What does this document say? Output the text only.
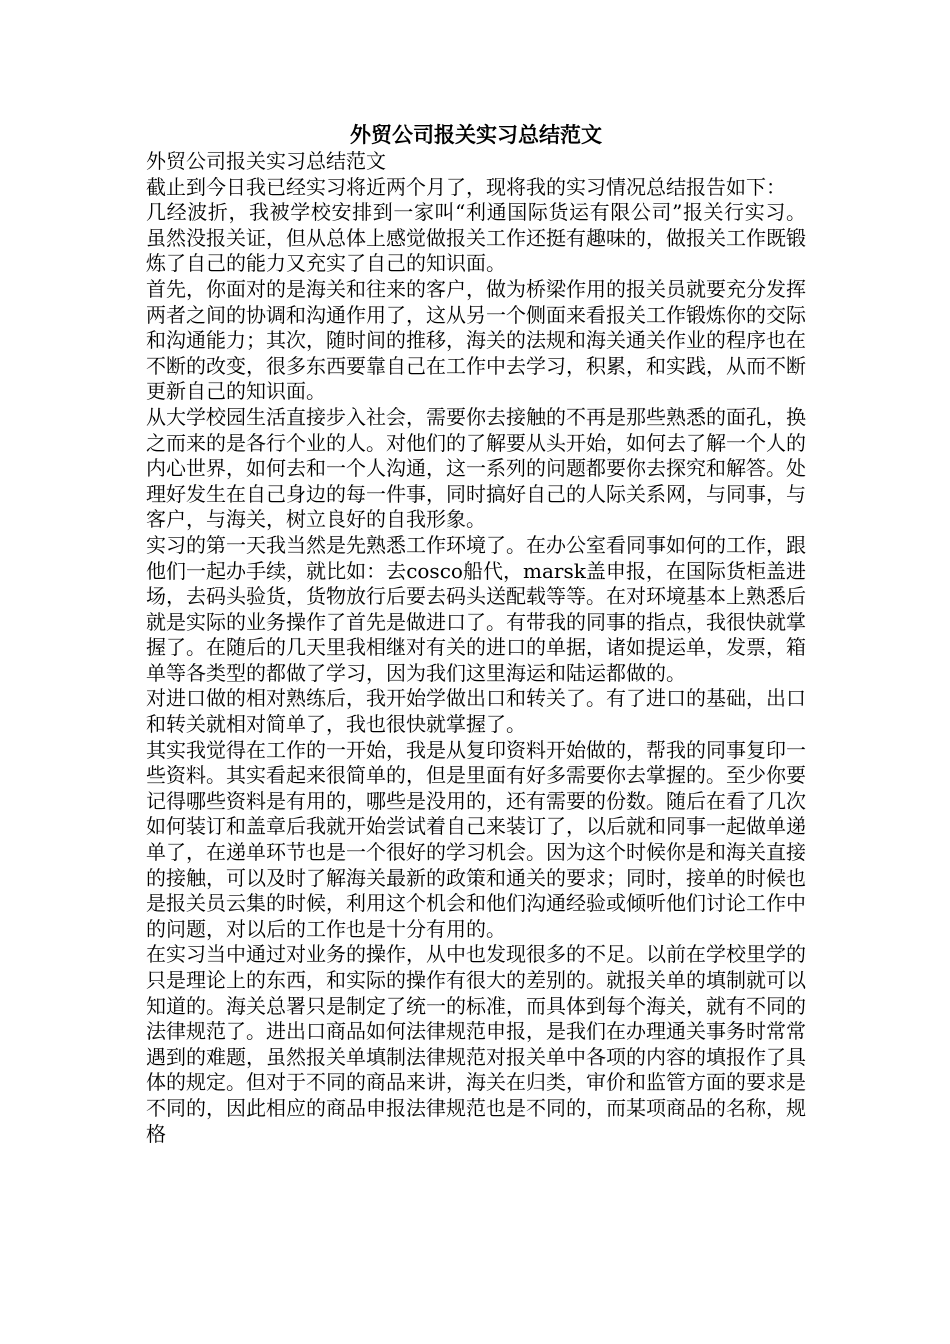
外贸公司报关实习总结范文

外贸公司报关实习总结范文

截止到今日我已经实习将近两个月了，现将我的实习情况总结报告如下：

几经波折，我被学校安排到一家叫“利通国际货运有限公司”报关行实习。虽然没报关证，但从总体上感觉做报关工作还挺有趣味的，做报关工作既锻炼了自己的能力又充实了自己的知识面。

首先，你面对的是海关和往来的客户，做为桥梁作用的报关员就要充分发挥两者之间的协调和沟通作用了，这从另一个侧面来看报关工作锻炼你的交际和沟通能力；其次，随时间的推移，海关的法规和海关通关作业的程序也在不断的改变，很多东西要靠自己在工作中去学习，积累，和实践，从而不断更新自己的知识面。

从大学校园生活直接步入社会，需要你去接触的不再是那些熟悉的面孔，换之而来的是各行个业的人。对他们的了解要从头开始，如何去了解一个人的内心世界，如何去和一个人沟通，这一系列的问题都要你去探究和解答。处理好发生在自己身边的每一件事，同时搞好自己的人际关系网，与同事，与客户，与海关，树立良好的自我形象。

实习的第一天我当然是先熟悉工作环境了。在办公室看同事如何的工作，跟他们一起办手续，就比如：去cosco船代，marsk盖申报，在国际货柜盖进场，去码头验货，货物放行后要去码头送配载等等。在对环境基本上熟悉后就是实际的业务操作了首先是做进口了。有带我的同事的指点，我很快就掌握了。在随后的几天里我相继对有关的进口的单据，诸如提运单，发票，箱单等各类型的都做了学习，因为我们这里海运和陆运都做的。

对进口做的相对熟练后，我开始学做出口和转关了。有了进口的基础，出口和转关就相对简单了，我也很快就掌握了。

其实我觉得在工作的一开始，我是从复印资料开始做的，帮我的同事复印一些资料。其实看起来很简单的，但是里面有好多需要你去掌握的。至少你要记得哪些资料是有用的，哪些是没用的，还有需要的份数。随后在看了几次如何装订和盖章后我就开始尝试着自己来装订了，以后就和同事一起做单递单了，在递单环节也是一个很好的学习机会。因为这个时候你是和海关直接的接触，可以及时了解海关最新的政策和通关的要求；同时，接单的时候也是报关员云集的时候，利用这个机会和他们沟通经验或倾听他们讨论工作中的问题，对以后的工作也是十分有用的。

在实习当中通过对业务的操作，从中也发现很多的不足。以前在学校里学的只是理论上的东西，和实际的操作有很大的差别的。就报关单的填制就可以知道的。海关总署只是制定了统一的标准，而具体到每个海关，就有不同的法律规范了。进出口商品如何法律规范申报，是我们在办理通关事务时常常遇到的难题，虽然报关单填制法律规范对报关单中各项的内容的填报作了具体的规定。但对于不同的商品来讲，海关在归类，审价和监管方面的要求是不同的，因此相应的商品申报法律规范也是不同的，而某项商品的名称，规格
